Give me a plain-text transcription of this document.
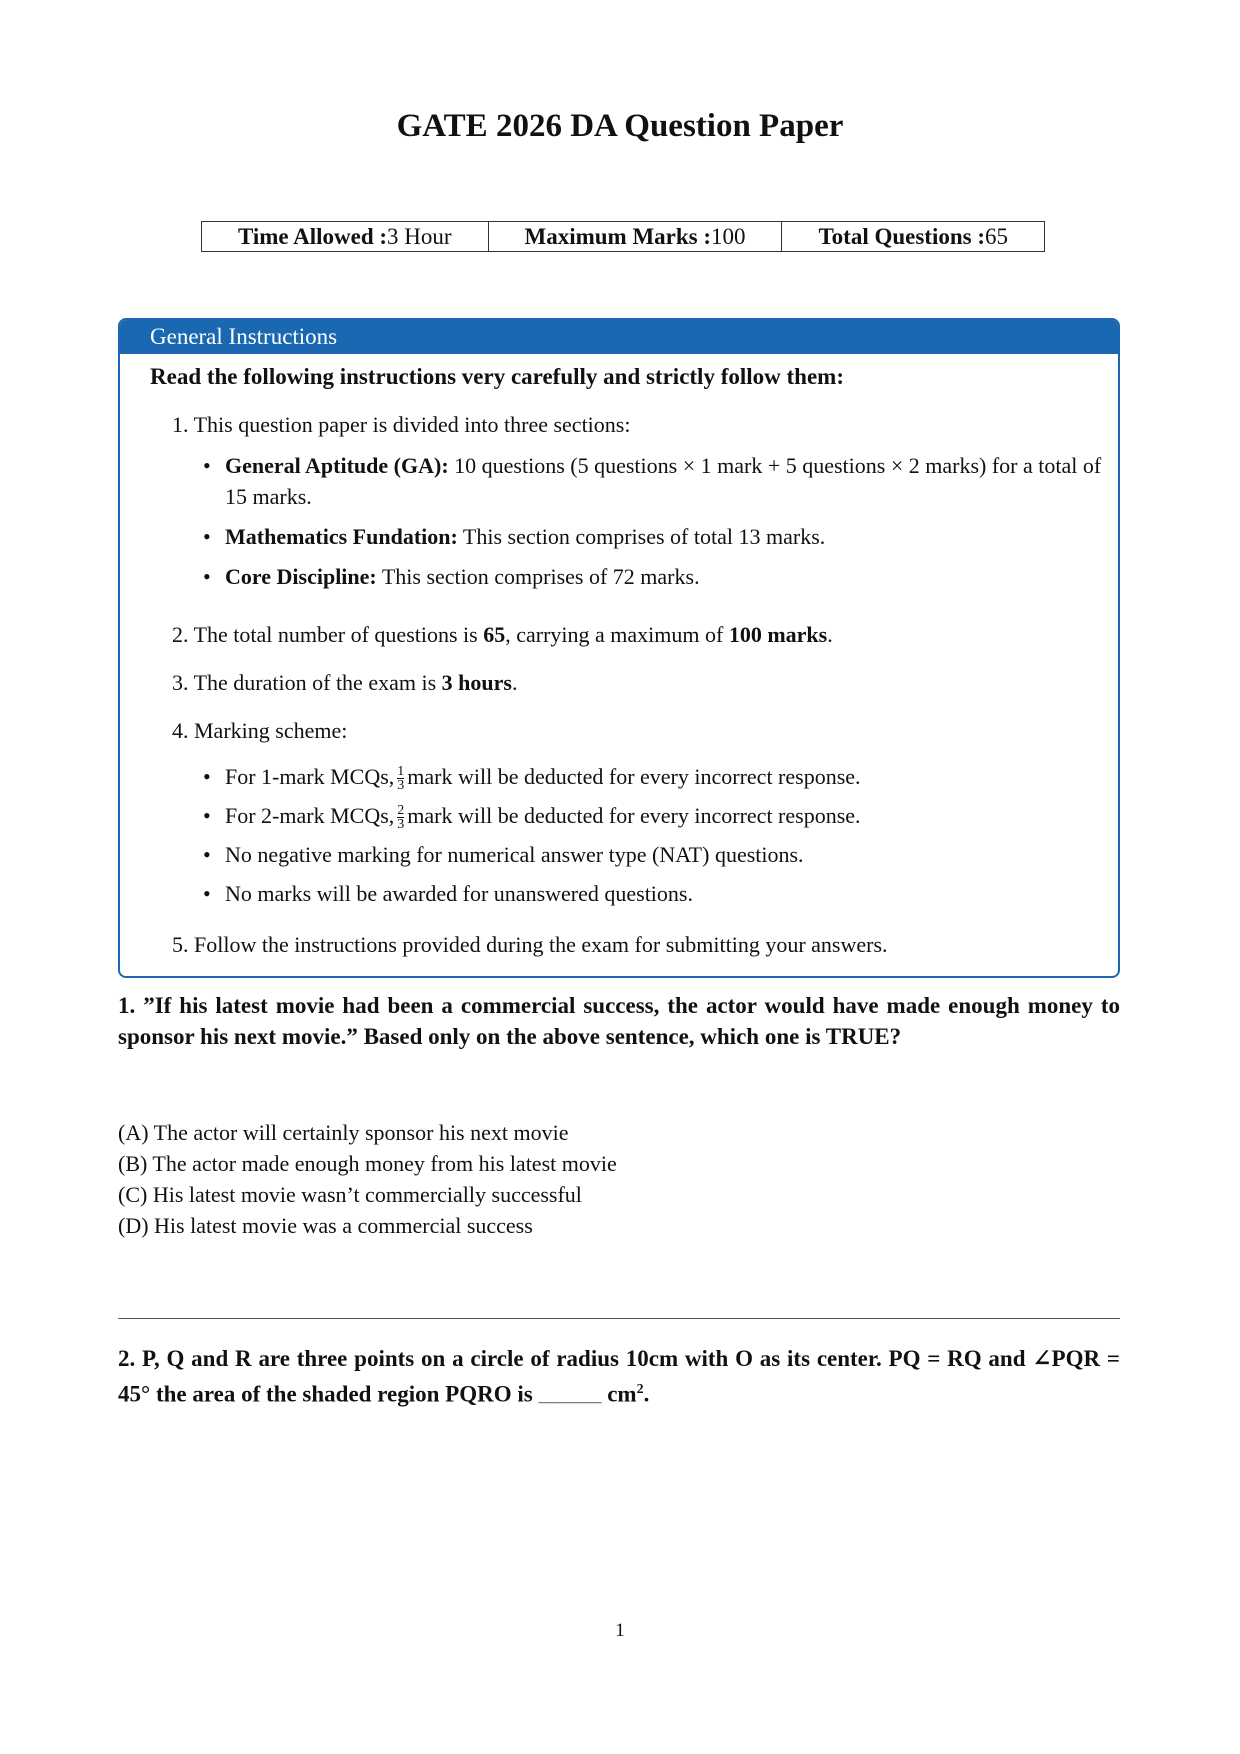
GATE 2026 DA Question Paper
Time Allowed : 3 Hour	Maximum Marks : 100	Total Questions : 65
General Instructions
Read the following instructions very carefully and strictly follow them:
1. This question paper is divided into three sections:
• General Aptitude (GA): 10 questions (5 questions × 1 mark + 5 questions × 2 marks) for a total of 15 marks.
• Mathematics Fundation: This section comprises of total 13 marks.
• Core Discipline: This section comprises of 72 marks.
2. The total number of questions is 65, carrying a maximum of 100 marks.
3. The duration of the exam is 3 hours.
4. Marking scheme:
• For 1-mark MCQs, $\frac{1}{3}$ mark will be deducted for every incorrect response.
• For 2-mark MCQs, $\frac{2}{3}$ mark will be deducted for every incorrect response.
• No negative marking for numerical answer type (NAT) questions.
• No marks will be awarded for unanswered questions.
5. Follow the instructions provided during the exam for submitting your answers.
1. ”If his latest movie had been a commercial success, the actor would have made enough money to sponsor his next movie.” Based only on the above sentence, which one is TRUE?
(A) The actor will certainly sponsor his next movie
(B) The actor made enough money from his latest movie
(C) His latest movie wasn’t commercially successful
(D) His latest movie was a commercial success
2. P, Q and R are three points on a circle of radius 10cm with O as its center. PQ = RQ and ∠PQR = 45° the area of the shaded region PQRO is _________ $cm^2$.
1
